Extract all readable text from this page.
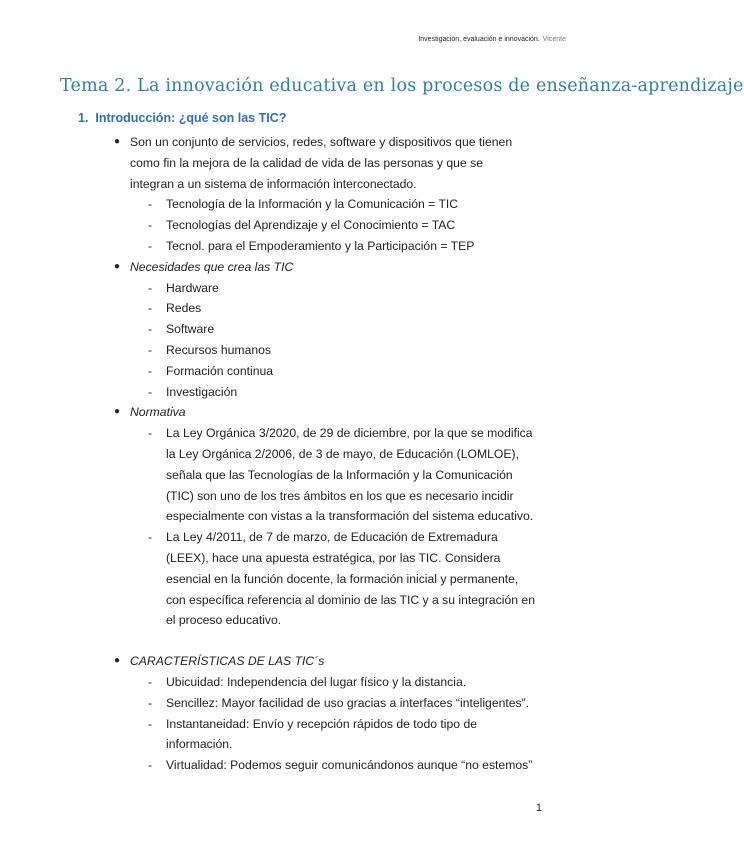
Investigación, evaluación e innovación. Vicente
Tema 2. La innovación educativa en los procesos de enseñanza-aprendizaje
1. Introducción: ¿qué son las TIC?
● Son un conjunto de servicios, redes, software y dispositivos que tienen como fin la mejora de la calidad de vida de las personas y que se integran a un sistema de información interconectado.
- Tecnología de la Información y la Comunicación = TIC
- Tecnologías del Aprendizaje y el Conocimiento = TAC
- Tecnol. para el Empoderamiento y la Participación = TEP
● Necesidades que crea las TIC
- Hardware
- Redes
- Software
- Recursos humanos
- Formación continua
- Investigación
● Normativa
- La Ley Orgánica 3/2020, de 29 de diciembre, por la que se modifica la Ley Orgánica 2/2006, de 3 de mayo, de Educación (LOMLOE), señala que las Tecnologías de la Información y la Comunicación (TIC) son uno de los tres ámbitos en los que es necesario incidir especialmente con vistas a la transformación del sistema educativo.
- La Ley 4/2011, de 7 de marzo, de Educación de Extremadura (LEEX), hace una apuesta estratégica, por las TIC. Considera esencial en la función docente, la formación inicial y permanente, con específica referencia al dominio de las TIC y a su integración en el proceso educativo.
● CARACTERÍSTICAS DE LAS TIC´s
- Ubicuidad: Independencia del lugar físico y la distancia.
- Sencillez: Mayor facilidad de uso gracias a interfaces “inteligentes”.
- Instantaneidad: Envío y recepción rápidos de todo tipo de información.
- Virtualidad: Podemos seguir comunicándonos aunque “no estemos”
1
